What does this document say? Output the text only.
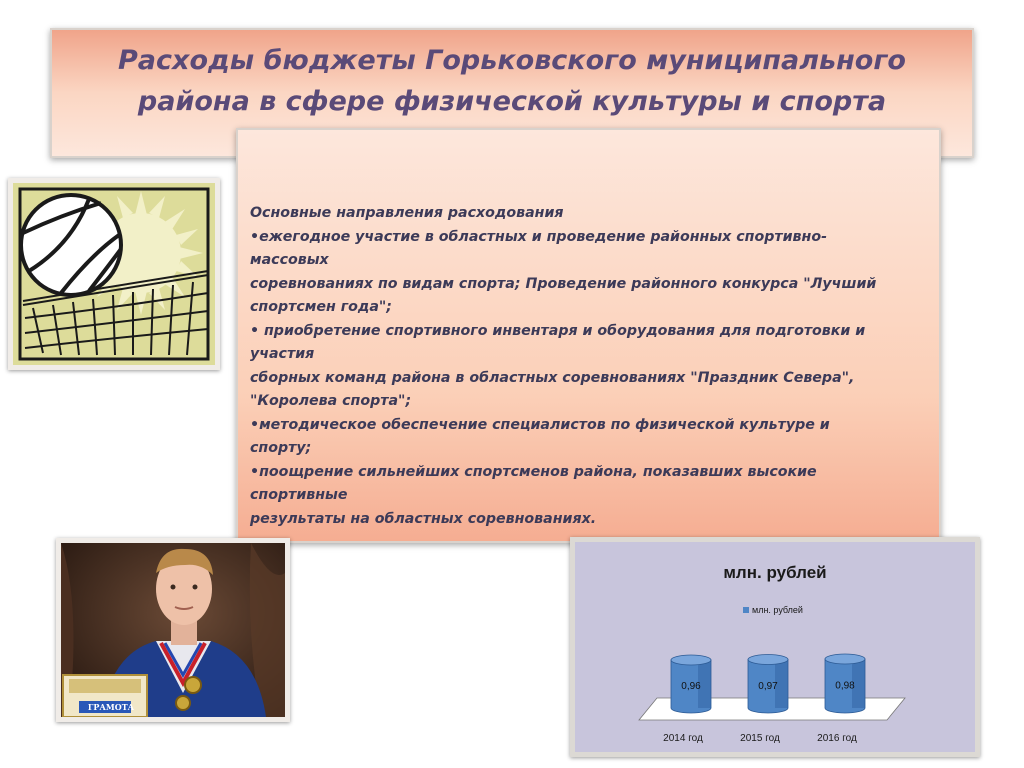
Расходы бюджеты Горьковского муниципального
района в сфере физической культуры и спорта
Основные направления расходования
•ежегодное участие в областных и проведение районных спортивно-
массовых
соревнованиях по видам спорта; Проведение районного конкурса "Лучший
спортсмен года";
• приобретение спортивного инвентаря и оборудования для подготовки и
участия
сборных команд района в областных соревнованиях "Праздник Севера",
"Королева спорта";
•методическое обеспечение специалистов по физической культуре и
спорту;
•поощрение сильнейших спортсменов района, показавших высокие
спортивные
результаты на областных соревнованиях.
ГРАМОТА
млн. рублей
млн. рублей
0,96
2014 год
0,97
2015 год
0,98
2016 год
